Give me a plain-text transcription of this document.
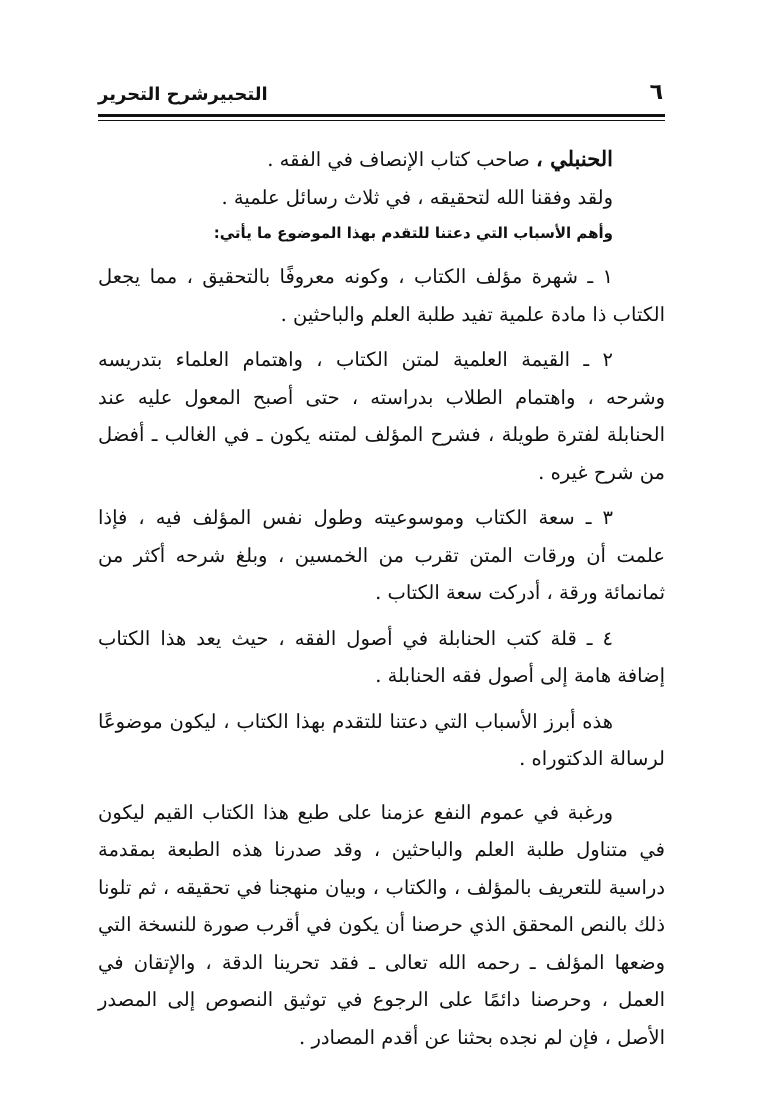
٦
التحبيرشرح التحرير

الحنبلي ، صاحب كتاب الإنصاف في الفقه .

ولقد وفقنا الله لتحقيقه ، في ثلاث رسائل علمية .

وأهم الأسباب التي دعتنا للتقدم بهذا الموضوع ما يأتي:

١ ـ شهرة مؤلف الكتاب ، وكونه معروفًا بالتحقيق ، مما يجعل الكتاب ذا مادة علمية تفيد طلبة العلم والباحثين .

٢ ـ القيمة العلمية لمتن الكتاب ، واهتمام العلماء بتدريسه وشرحه ، واهتمام الطلاب بدراسته ، حتى أصبح المعول عليه عند الحنابلة لفترة طويلة ، فشرح المؤلف لمتنه يكون ـ في الغالب ـ أفضل من شرح غيره .

٣ ـ سعة الكتاب وموسوعيته وطول نفس المؤلف فيه ، فإذا علمت أن ورقات المتن تقرب من الخمسين ، وبلغ شرحه أكثر من ثمانمائة ورقة ، أدركت سعة الكتاب .

٤ ـ قلة كتب الحنابلة في أصول الفقه ، حيث يعد هذا الكتاب إضافة هامة إلى أصول فقه الحنابلة .

هذه أبرز الأسباب التي دعتنا للتقدم بهذا الكتاب ، ليكون موضوعًا لرسالة الدكتوراه .

ورغبة في عموم النفع عزمنا على طبع هذا الكتاب القيم ليكون في متناول طلبة العلم والباحثين ، وقد صدرنا هذه الطبعة بمقدمة دراسية للتعريف بالمؤلف ، والكتاب ، وبيان منهجنا في تحقيقه ، ثم تلونا ذلك بالنص المحقق الذي حرصنا أن يكون في أقرب صورة للنسخة التي وضعها المؤلف ـ رحمه الله تعالى ـ فقد تحرينا الدقة ، والإتقان في العمل ، وحرصنا دائمًا على الرجوع في توثيق النصوص إلى المصدر الأصل ، فإن لم نجده بحثنا عن أقدم المصادر .
